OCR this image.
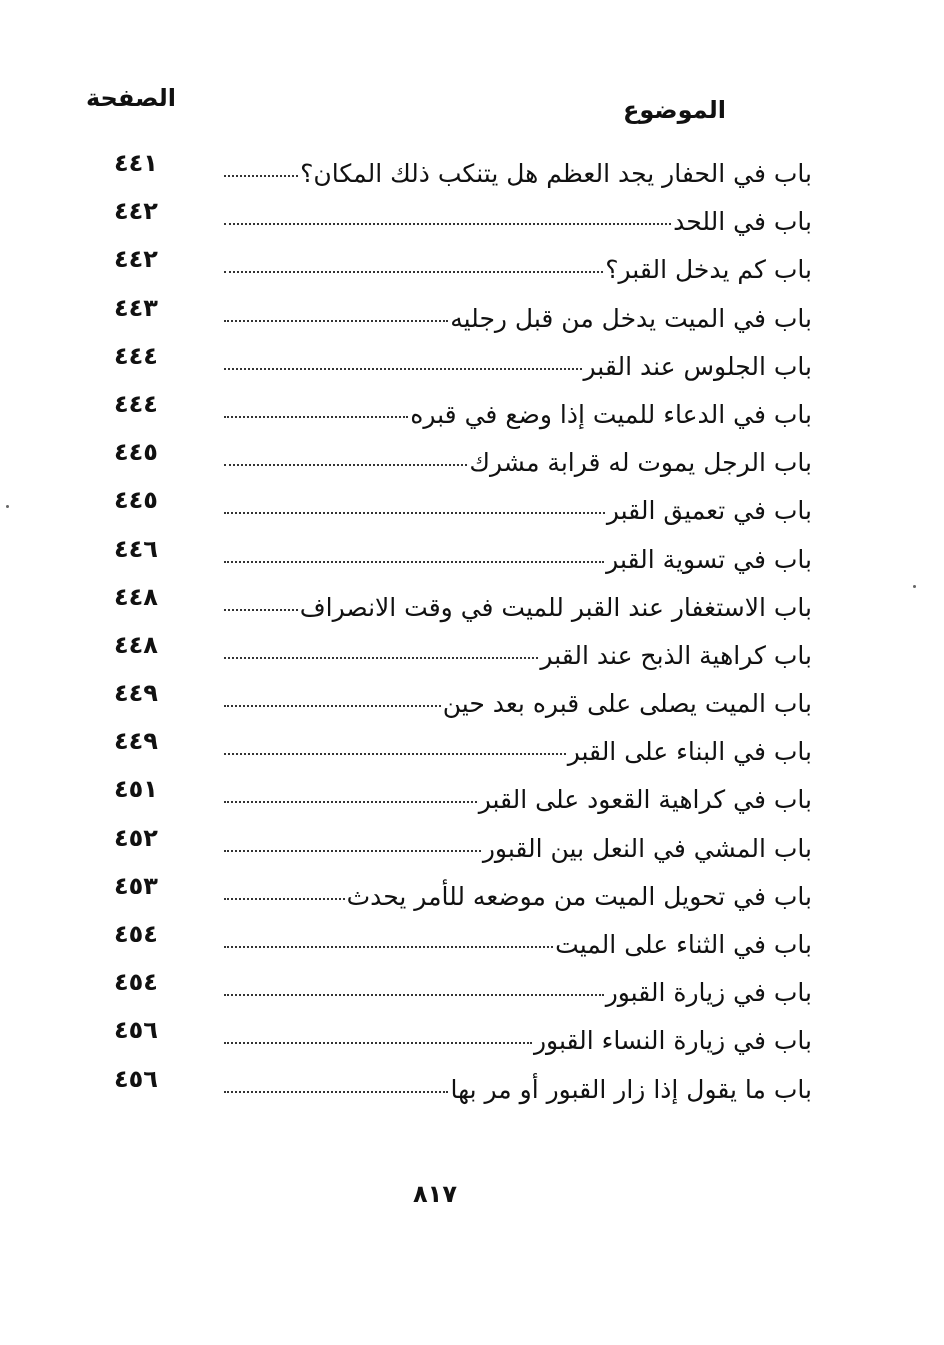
الصفحة	الموضوع
٤٤١	باب في الحفار يجد العظم هل يتنكب ذلك المكان؟
٤٤٢	باب في اللحد
٤٤٢	باب كم يدخل القبر؟
٤٤٣	باب في الميت يدخل من قبل رجليه
٤٤٤	باب الجلوس عند القبر
٤٤٤	باب في الدعاء للميت إذا وضع في قبره
٤٤٥	باب الرجل يموت له قرابة مشرك
٤٤٥	باب في تعميق القبر
٤٤٦	باب في تسوية القبر
٤٤٨	باب الاستغفار عند القبر للميت في وقت الانصراف
٤٤٨	باب كراهية الذبح عند القبر
٤٤٩	باب الميت يصلى على قبره بعد حين
٤٤٩	باب في البناء على القبر
٤٥١	باب في كراهية القعود على القبر
٤٥٢	باب المشي في النعل بين القبور
٤٥٣	باب في تحويل الميت من موضعه للأمر يحدث
٤٥٤	باب في الثناء على الميت
٤٥٤	باب في زيارة القبور
٤٥٦	باب في زيارة النساء القبور
٤٥٦	باب ما يقول إذا زار القبور أو مر بها
٨١٧
